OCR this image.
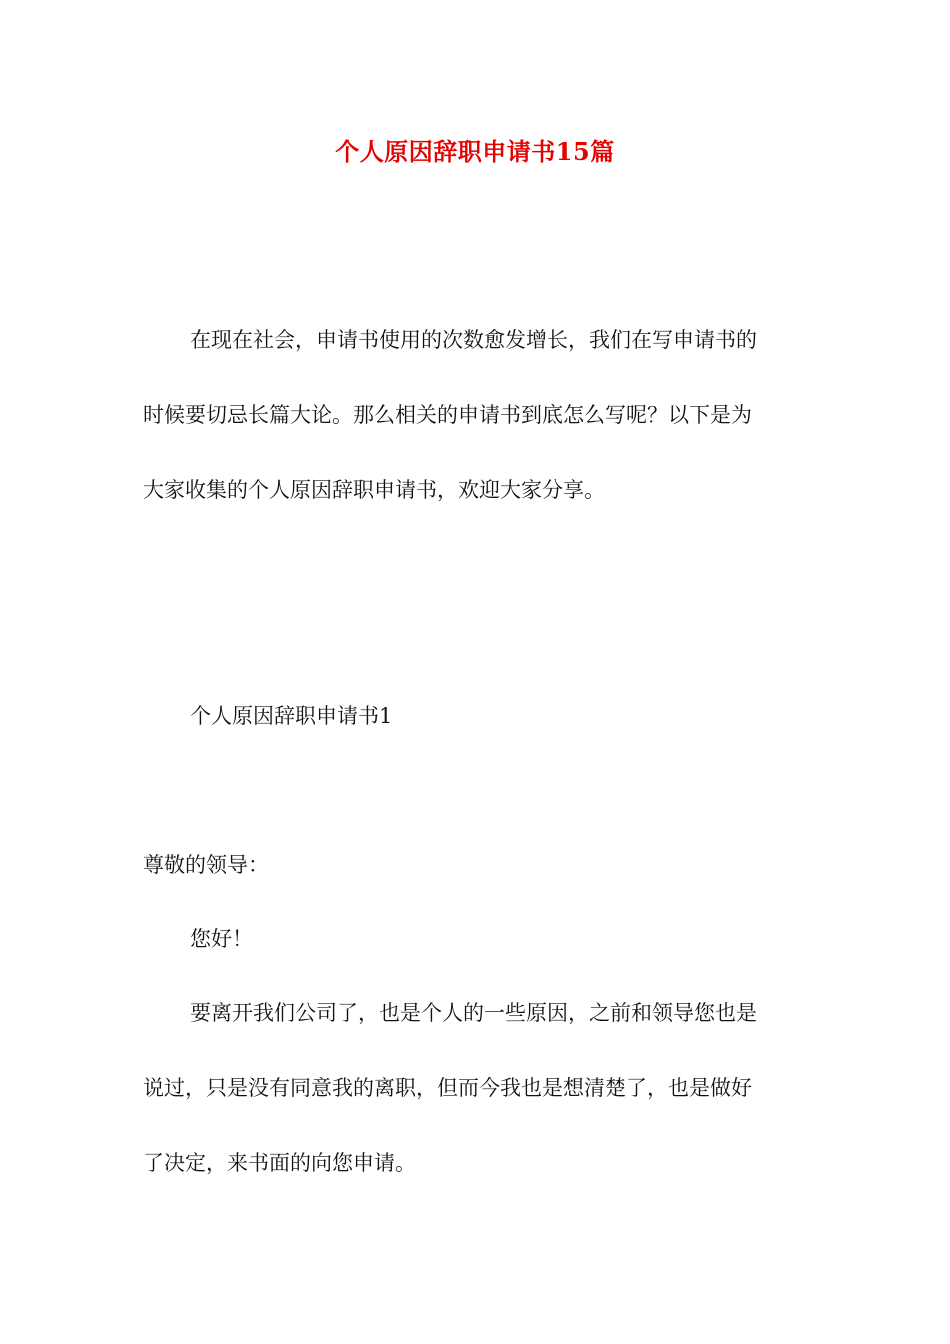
个人原因辞职申请书15篇

在现在社会，申请书使用的次数愈发增长，我们在写申请书的

时候要切忌长篇大论。那么相关的申请书到底怎么写呢？以下是为

大家收集的个人原因辞职申请书，欢迎大家分享。

个人原因辞职申请书1

尊敬的领导：

您好！

要离开我们公司了，也是个人的一些原因，之前和领导您也是

说过，只是没有同意我的离职，但而今我也是想清楚了，也是做好

了决定，来书面的向您申请。
